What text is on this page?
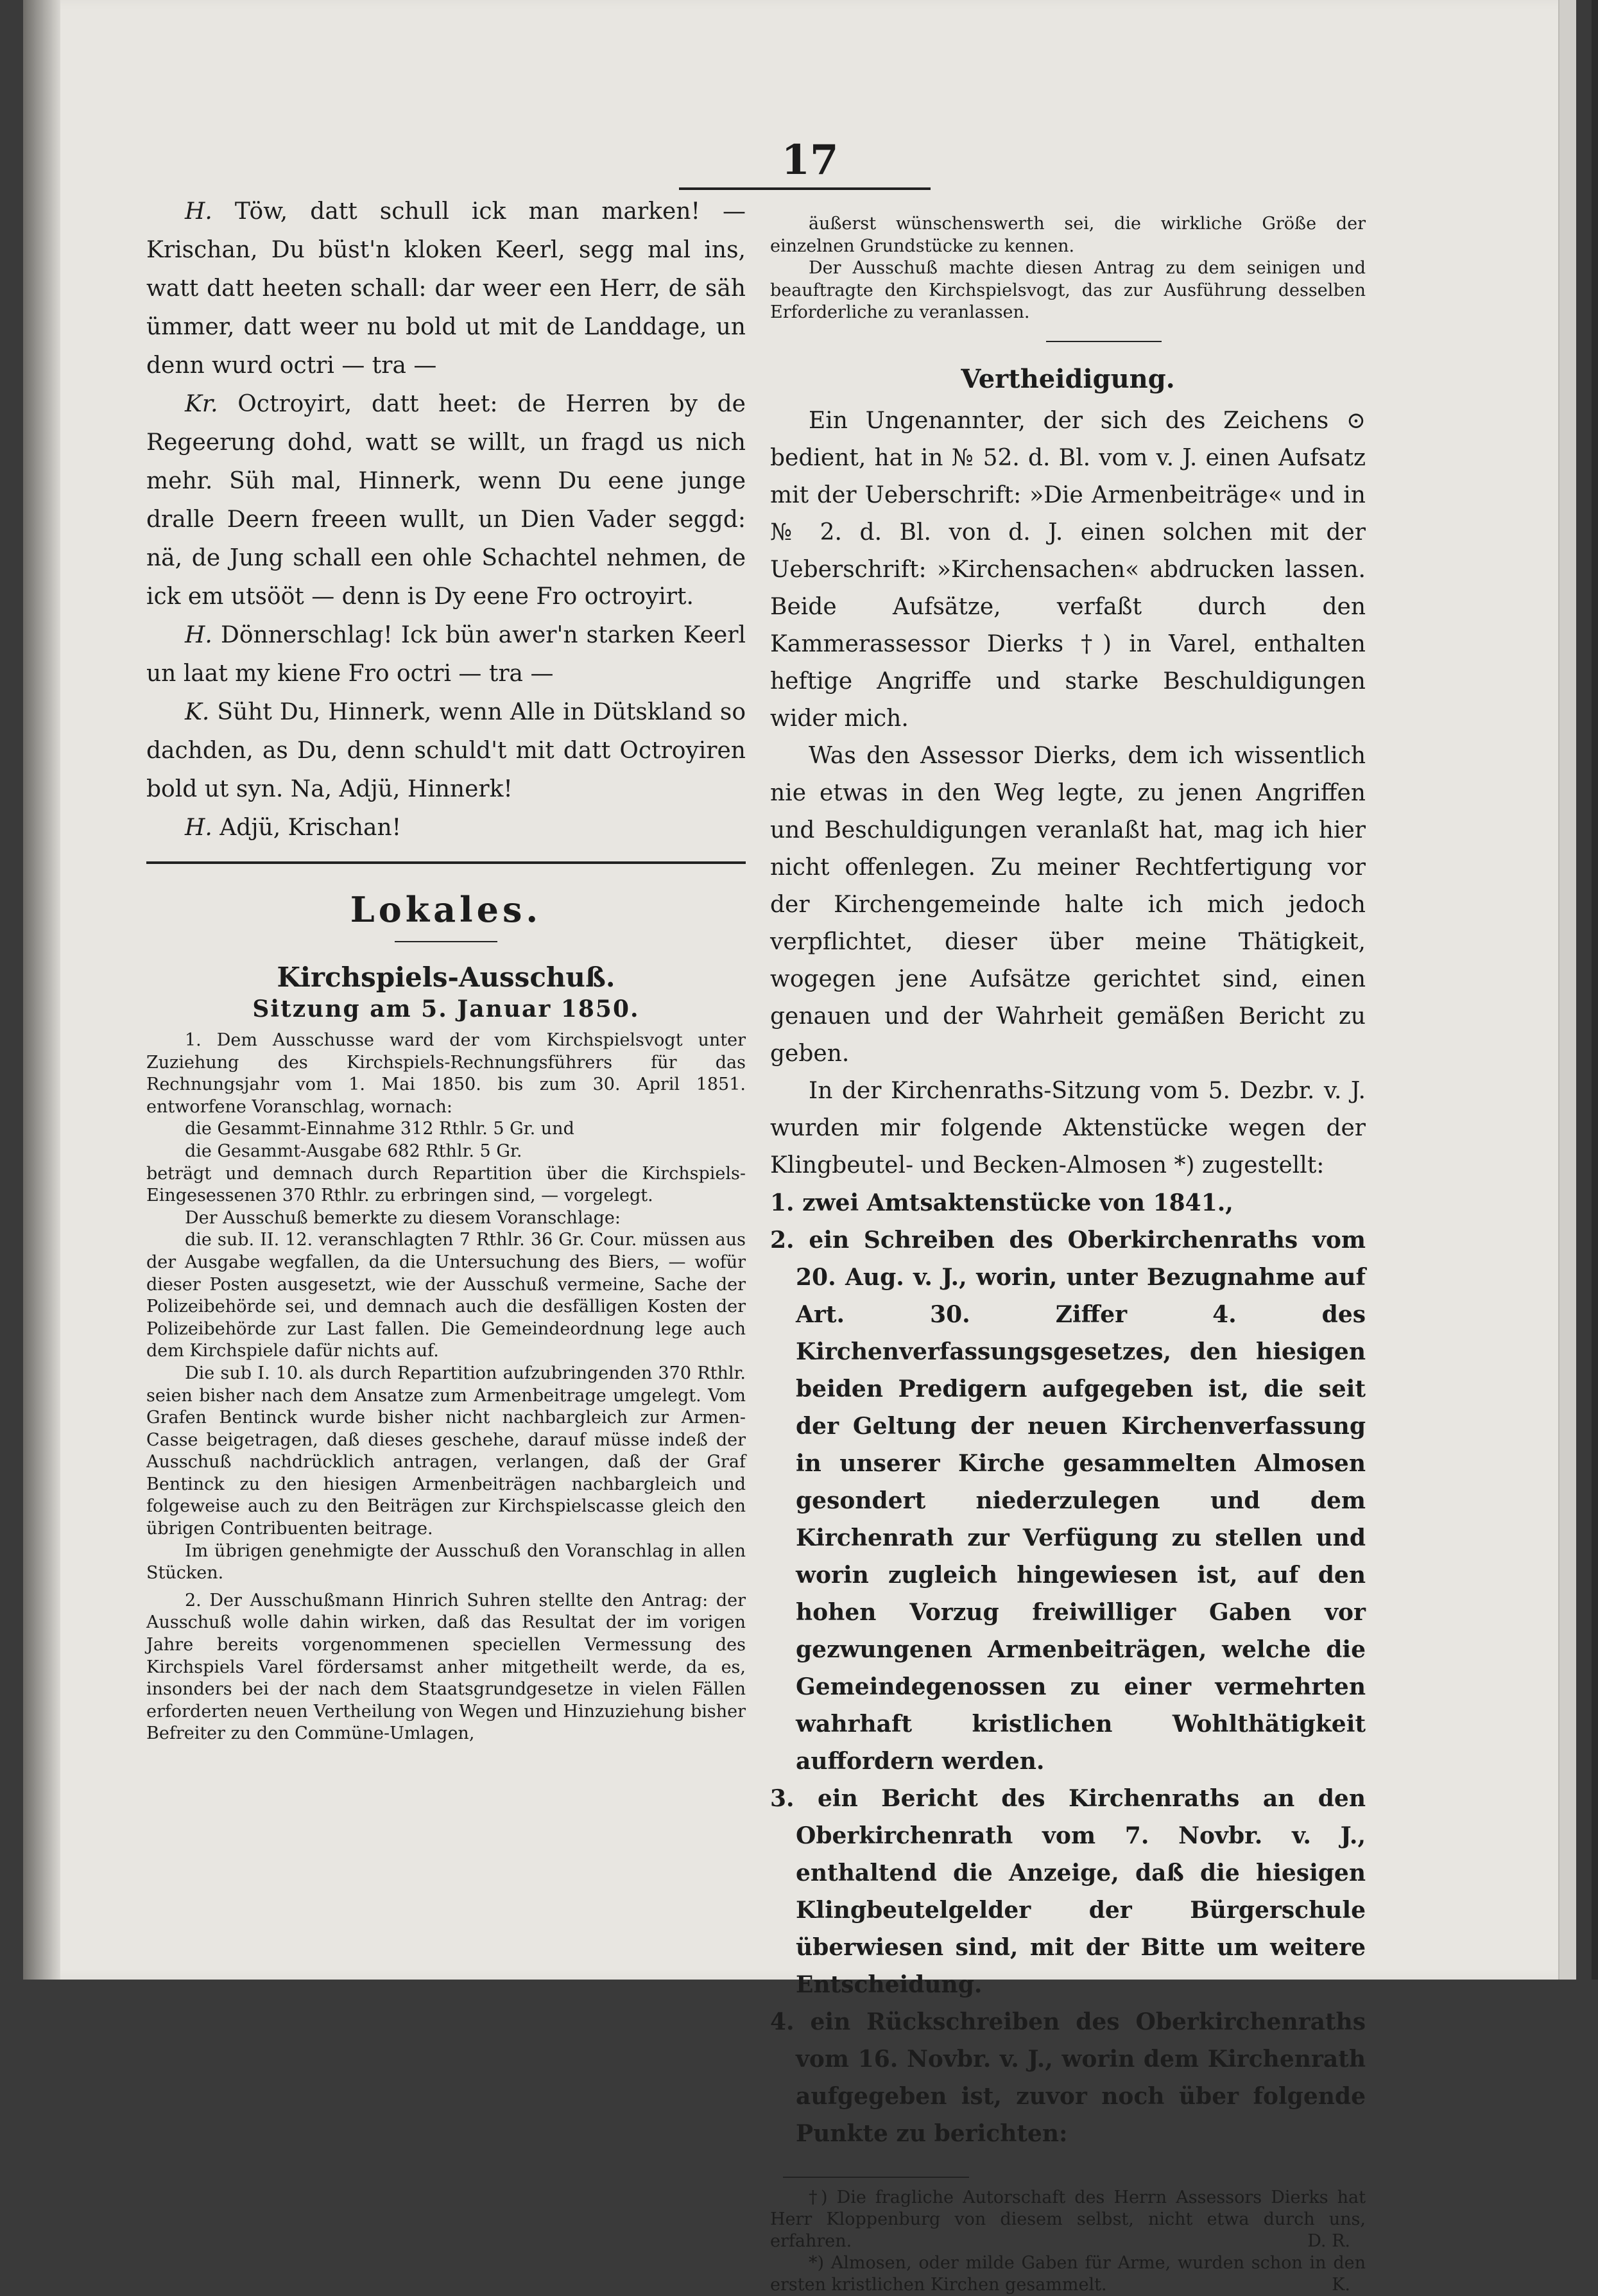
17

H. Töw, datt schull ick man marken! — Krischan, Du büst'n kloken Keerl, segg mal ins, watt datt heeten schall: dar weer een Herr, de säh ümmer, datt weer nu bold ut mit de Landdage, un denn wurd octri — tra —

Kr. Octroyirt, datt heet: de Herren by de Regeerung dohd, watt se willt, un fragd us nich mehr. Süh mal, Hinnerk, wenn Du eene junge dralle Deern freeen wullt, un Dien Vader seggd: nä, de Jung schall een ohle Schachtel nehmen, de ick em utsööt — denn is Dy eene Fro octroyirt.

H. Dönnerschlag! Ick bün awer'n starken Keerl un laat my kiene Fro octri — tra —

K. Süht Du, Hinnerk, wenn Alle in Dütskland so dachden, as Du, denn schuld't mit datt Octroyiren bold ut syn. Na, Adjü, Hinnerk!

H. Adjü, Krischan!

Lokales.
Kirchspiels-Ausschuß.
Sitzung am 5. Januar 1850.

1. Dem Ausschusse ward der vom Kirchspielsvogt unter Zuziehung des Kirchspiels-Rechnungsführers für das Rechnungsjahr vom 1. Mai 1850. bis zum 30. April 1851. entworfene Voranschlag, wornach:

die Gesammt-Einnahme 312 Rthlr. 5 Gr. und

die Gesammt-Ausgabe 682 Rthlr. 5 Gr.

beträgt und demnach durch Repartition über die Kirchspiels-Eingesessenen 370 Rthlr. zu erbringen sind, — vorgelegt.

Der Ausschuß bemerkte zu diesem Voranschlage:

die sub. II. 12. veranschlagten 7 Rthlr. 36 Gr. Cour. müssen aus der Ausgabe wegfallen, da die Untersuchung des Biers, — wofür dieser Posten ausgesetzt, wie der Ausschuß vermeine, Sache der Polizeibehörde sei, und demnach auch die desfälligen Kosten der Polizeibehörde zur Last fallen. Die Gemeindeordnung lege auch dem Kirchspiele dafür nichts auf.

Die sub I. 10. als durch Repartition aufzubringenden 370 Rthlr. seien bisher nach dem Ansatze zum Armenbeitrage umgelegt. Vom Grafen Bentinck wurde bisher nicht nachbargleich zur Armen-Casse beigetragen, daß dieses geschehe, darauf müsse indeß der Ausschuß nachdrücklich antragen, verlangen, daß der Graf Bentinck zu den hiesigen Armenbeiträgen nachbargleich und folgeweise auch zu den Beiträgen zur Kirchspielscasse gleich den übrigen Contribuenten beitrage.

Im übrigen genehmigte der Ausschuß den Voranschlag in allen Stücken.

2. Der Ausschußmann Hinrich Suhren stellte den Antrag: der Ausschuß wolle dahin wirken, daß das Resultat der im vorigen Jahre bereits vorgenommenen speciellen Vermessung des Kirchspiels Varel fördersamst anher mitgetheilt werde, da es, insonders bei der nach dem Staatsgrundgesetze in vielen Fällen erforderten neuen Vertheilung von Wegen und Hinzuziehung bisher Befreiter zu den Commüne-Umlagen,

äußerst wünschenswerth sei, die wirkliche Größe der einzelnen Grundstücke zu kennen.

Der Ausschuß machte diesen Antrag zu dem seinigen und beauftragte den Kirchspielsvogt, das zur Ausführung desselben Erforderliche zu veranlassen.

Vertheidigung.

Ein Ungenannter, der sich des Zeichens ⊙ bedient, hat in № 52. d. Bl. vom v. J. einen Aufsatz mit der Ueberschrift: »Die Armenbeiträge« und in № 2. d. Bl. von d. J. einen solchen mit der Ueberschrift: »Kirchensachen« abdrucken lassen. Beide Aufsätze, verfaßt durch den Kammerassessor Dierks †) in Varel, enthalten heftige Angriffe und starke Beschuldigungen wider mich.

Was den Assessor Dierks, dem ich wissentlich nie etwas in den Weg legte, zu jenen Angriffen und Beschuldigungen veranlaßt hat, mag ich hier nicht offenlegen. Zu meiner Rechtfertigung vor der Kirchengemeinde halte ich mich jedoch verpflichtet, dieser über meine Thätigkeit, wogegen jene Aufsätze gerichtet sind, einen genauen und der Wahrheit gemäßen Bericht zu geben.

In der Kirchenraths-Sitzung vom 5. Dezbr. v. J. wurden mir folgende Aktenstücke wegen der Klingbeutel- und Becken-Almosen *) zugestellt:

1. zwei Amtsaktenstücke von 1841.,

2. ein Schreiben des Oberkirchenraths vom 20. Aug. v. J., worin, unter Bezugnahme auf Art. 30. Ziffer 4. des Kirchenverfassungsgesetzes, den hiesigen beiden Predigern aufgegeben ist, die seit der Geltung der neuen Kirchenverfassung in unserer Kirche gesammelten Almosen gesondert niederzulegen und dem Kirchenrath zur Verfügung zu stellen und worin zugleich hingewiesen ist, auf den hohen Vorzug freiwilliger Gaben vor gezwungenen Armenbeiträgen, welche die Gemeindegenossen zu einer vermehrten wahrhaft kristlichen Wohlthätigkeit auffordern werden.

3. ein Bericht des Kirchenraths an den Oberkirchenrath vom 7. Novbr. v. J., enthaltend die Anzeige, daß die hiesigen Klingbeutelgelder der Bürgerschule überwiesen sind, mit der Bitte um weitere Entscheidung.

4. ein Rückschreiben des Oberkirchenraths vom 16. Novbr. v. J., worin dem Kirchenrath aufgegeben ist, zuvor noch über folgende Punkte zu berichten:

†) Die fragliche Autorschaft des Herrn Assessors Dierks hat Herr Kloppenburg von diesem selbst, nicht etwa durch uns, erfahren.	D. R.

*) Almosen, oder milde Gaben für Arme, wurden schon in den ersten kristlichen Kirchen gesammelt.	K.
